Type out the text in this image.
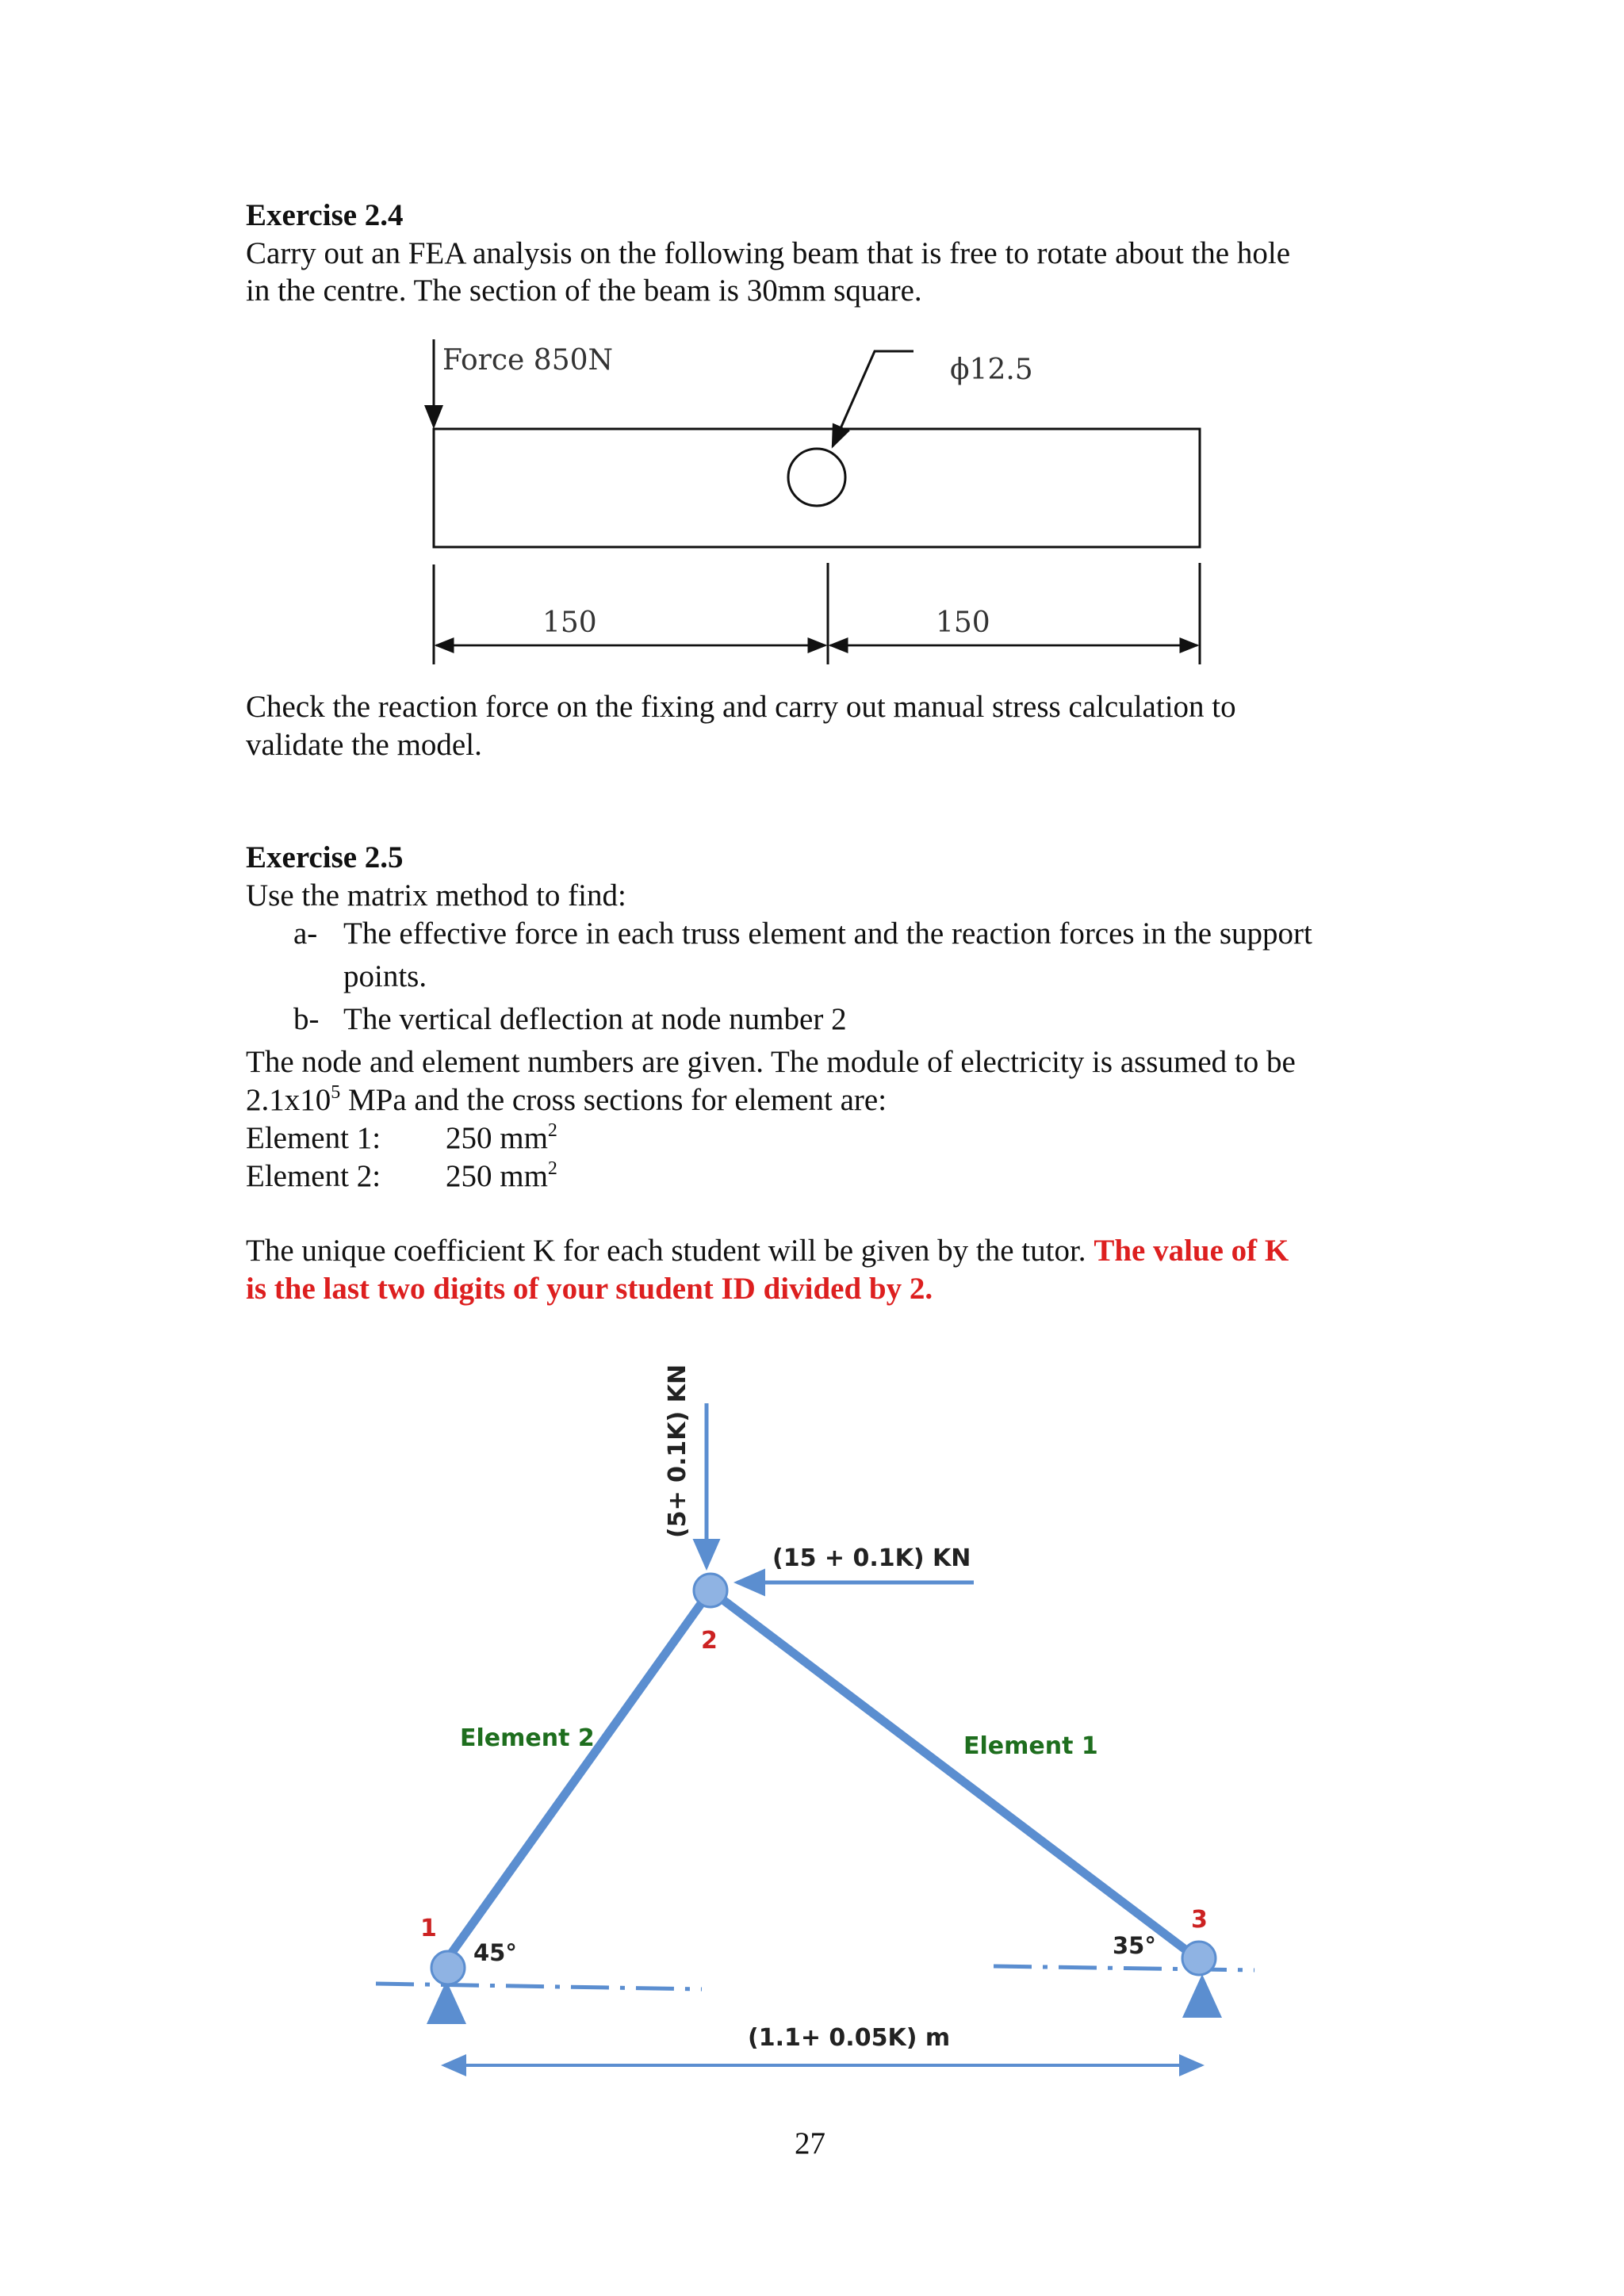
Exercise 2.4
Carry out an FEA analysis on the following beam that is free to rotate about the hole
in the centre. The section of the beam is 30mm square.
Force 850N	ϕ12.5
150	150
(5+ 0.1K) KN
(15 + 0.1K) KN
1
2
3
Element 2	Element 1
45°	35°
(1.1+ 0.05K) m
Check the reaction force on the fixing and carry out manual stress calculation to
validate the model.
Exercise 2.5
Use the matrix method to find:
a- The effective force in each truss element and the reaction forces in the support
points.
b- The vertical deflection at node number 2
The node and element numbers are given. The module of electricity is assumed to be
$2.1x10^5$ MPa and the cross sections for element are:
Element 1: 250 $mm^2$
Element 2: 250 $mm^2$
The unique coefficient K for each student will be given by the tutor. The value of K
is the last two digits of your student ID divided by 2.
27
